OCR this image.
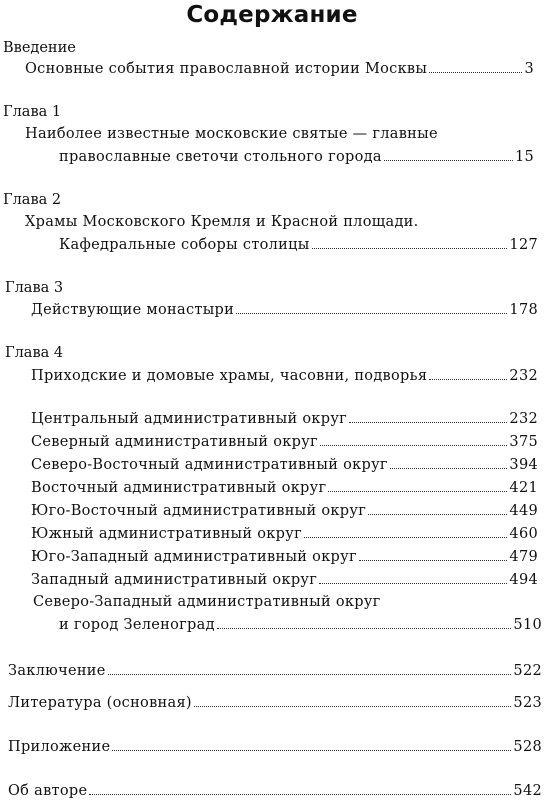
Содержание
Введение
Основные события православной истории Москвы	3
Глава 1
Наиболее известные московские святые — главные
православные светочи стольного города	15
Глава 2
Храмы Московского Кремля и Красной площади.
Кафедральные соборы столицы	127
Глава 3
Действующие монастыри	178
Глава 4
Приходские и домовые храмы, часовни, подворья	232
Центральный административный округ	232
Северный административный округ	375
Северо-Восточный административный округ	394
Восточный административный округ	421
Юго-Восточный административный округ	449
Южный административный округ	460
Юго-Западный административный округ	479
Западный административный округ	494
Северо-Западный административный округ
и город Зеленоград	510
Заключение	522
Литература (основная)	523
Приложение	528
Об авторе	542
